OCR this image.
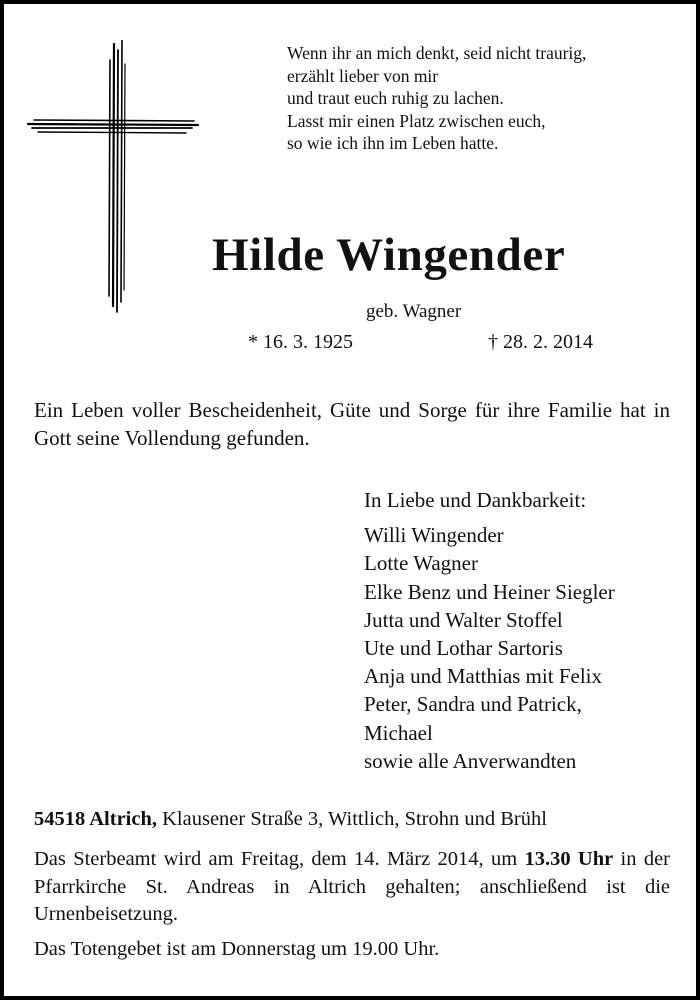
Wenn ihr an mich denkt, seid nicht traurig,
erzählt lieber von mir
und traut euch ruhig zu lachen.
Lasst mir einen Platz zwischen euch,
so wie ich ihn im Leben hatte.
Hilde Wingender
geb. Wagner
* 16. 3. 1925	† 28. 2. 2014
Ein Leben voller Bescheidenheit, Güte und Sorge für ihre Familie hat in Gott seine Vollendung gefunden.
In Liebe und Dankbarkeit:
Willi Wingender
Lotte Wagner
Elke Benz und Heiner Siegler
Jutta und Walter Stoffel
Ute und Lothar Sartoris
Anja und Matthias mit Felix
Peter, Sandra und Patrick,
Michael
sowie alle Anverwandten
54518 Altrich, Klausener Straße 3, Wittlich, Strohn und Brühl
Das Sterbeamt wird am Freitag, dem 14. März 2014, um 13.30 Uhr in der Pfarrkirche St. Andreas in Altrich gehalten; anschließend ist die Urnenbeisetzung.
Das Totengebet ist am Donnerstag um 19.00 Uhr.
